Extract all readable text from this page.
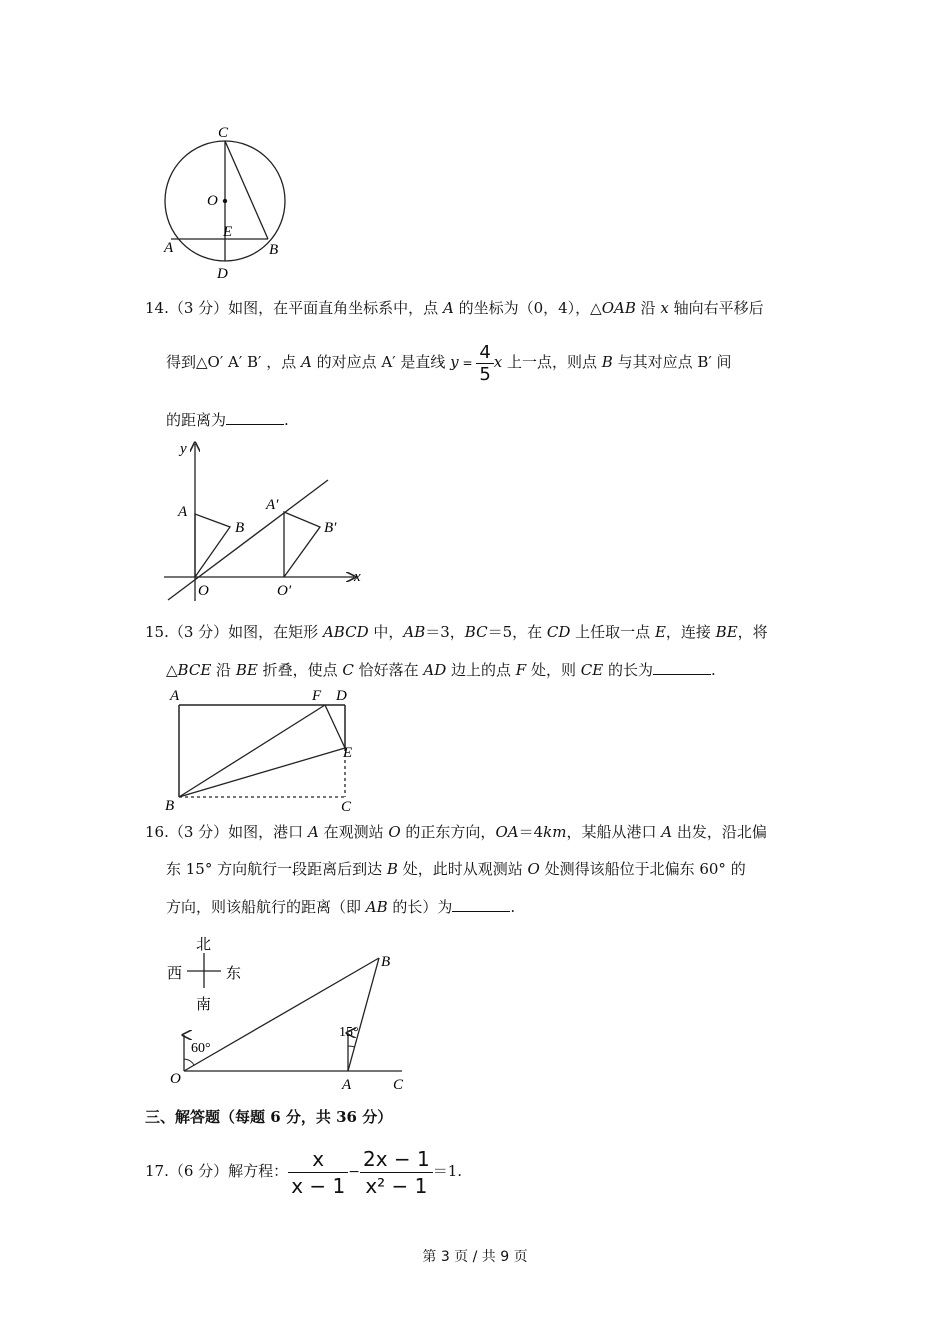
C
O
E
A	B
D
14.（3 分）如图，在平面直角坐标系中，点 A 的坐标为（0，4），△OAB 沿 x 轴向右平移后
得到△O′ A′ B′ ，点 A 的对应点 A′ 是直线 $y = \frac{4}{5}$ x 上一点，则点 B 与其对应点 B′ 间
的距离为	.
y
x
A
B
O
A′
B′
O′
15.（3 分）如图，在矩形 ABCD 中，AB＝3，BC＝5，在 CD 上任取一点 E，连接 BE，将
△BCE 沿 BE 折叠，使点 C 恰好落在 AD 边上的点 F 处，则 CE 的长为	.
A	F D
E
B	C
16.（3 分）如图，港口 A 在观测站 O 的正东方向，OA＝4km，某船从港口 A 出发，沿北偏
东 15° 方向航行一段距离后到达 B 处，此时从观测站 O 处测得该船位于北偏东 60° 的
方向，则该船航行的距离（即 AB 的长）为	.
北
南
西	东
60°
15°
O	A	C
B
三、解答题（每题 6 分，共 36 分）
17.（6 分）解方程： $\frac{x}{x - 1} - \frac{2x - 1}{\text{x² − 1}} =1$.
第 3 页 / 共 9 页
